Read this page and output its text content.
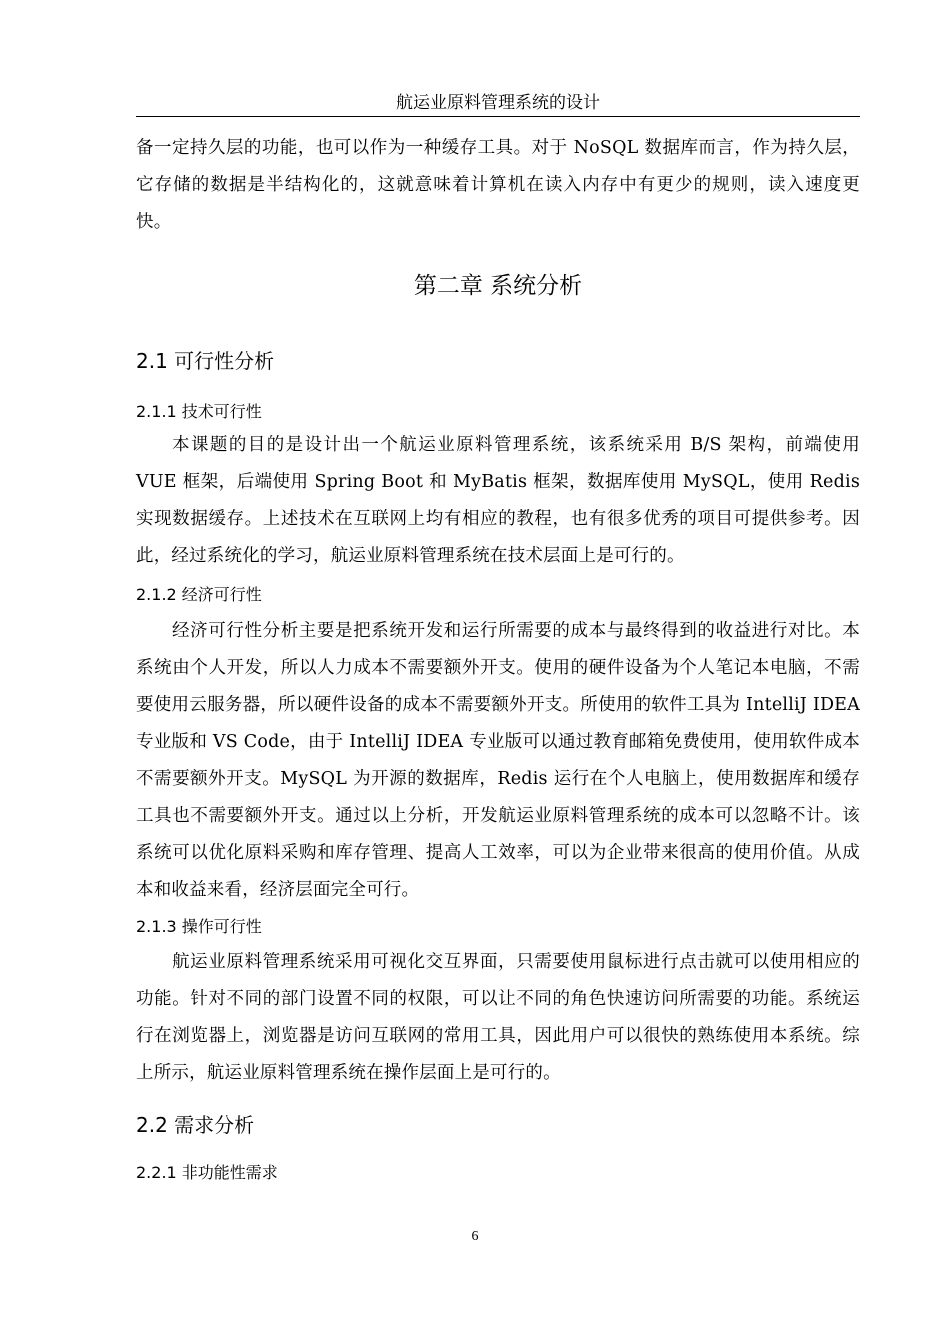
航运业原料管理系统的设计
备一定持久层的功能，也可以作为一种缓存工具。对于 NoSQL 数据库而言，作为持久层，它存储的数据是半结构化的，这就意味着计算机在读入内存中有更少的规则，读入速度更快。
第二章 系统分析
2.1 可行性分析
2.1.1 技术可行性
本课题的目的是设计出一个航运业原料管理系统，该系统采用 B/S 架构，前端使用 VUE 框架，后端使用 Spring Boot 和 MyBatis 框架，数据库使用 MySQL，使用 Redis 实现数据缓存。上述技术在互联网上均有相应的教程，也有很多优秀的项目可提供参考。因此，经过系统化的学习，航运业原料管理系统在技术层面上是可行的。
2.1.2 经济可行性
经济可行性分析主要是把系统开发和运行所需要的成本与最终得到的收益进行对比。本系统由个人开发，所以人力成本不需要额外开支。使用的硬件设备为个人笔记本电脑，不需要使用云服务器，所以硬件设备的成本不需要额外开支。所使用的软件工具为 IntelliJ IDEA 专业版和 VS Code，由于 IntelliJ IDEA 专业版可以通过教育邮箱免费使用，使用软件成本不需要额外开支。MySQL 为开源的数据库，Redis 运行在个人电脑上，使用数据库和缓存工具也不需要额外开支。通过以上分析，开发航运业原料管理系统的成本可以忽略不计。该系统可以优化原料采购和库存管理、提高人工效率，可以为企业带来很高的使用价值。从成本和收益来看，经济层面完全可行。
2.1.3 操作可行性
航运业原料管理系统采用可视化交互界面，只需要使用鼠标进行点击就可以使用相应的功能。针对不同的部门设置不同的权限，可以让不同的角色快速访问所需要的功能。系统运行在浏览器上，浏览器是访问互联网的常用工具，因此用户可以很快的熟练使用本系统。综上所示，航运业原料管理系统在操作层面上是可行的。
2.2 需求分析
2.2.1 非功能性需求
6
